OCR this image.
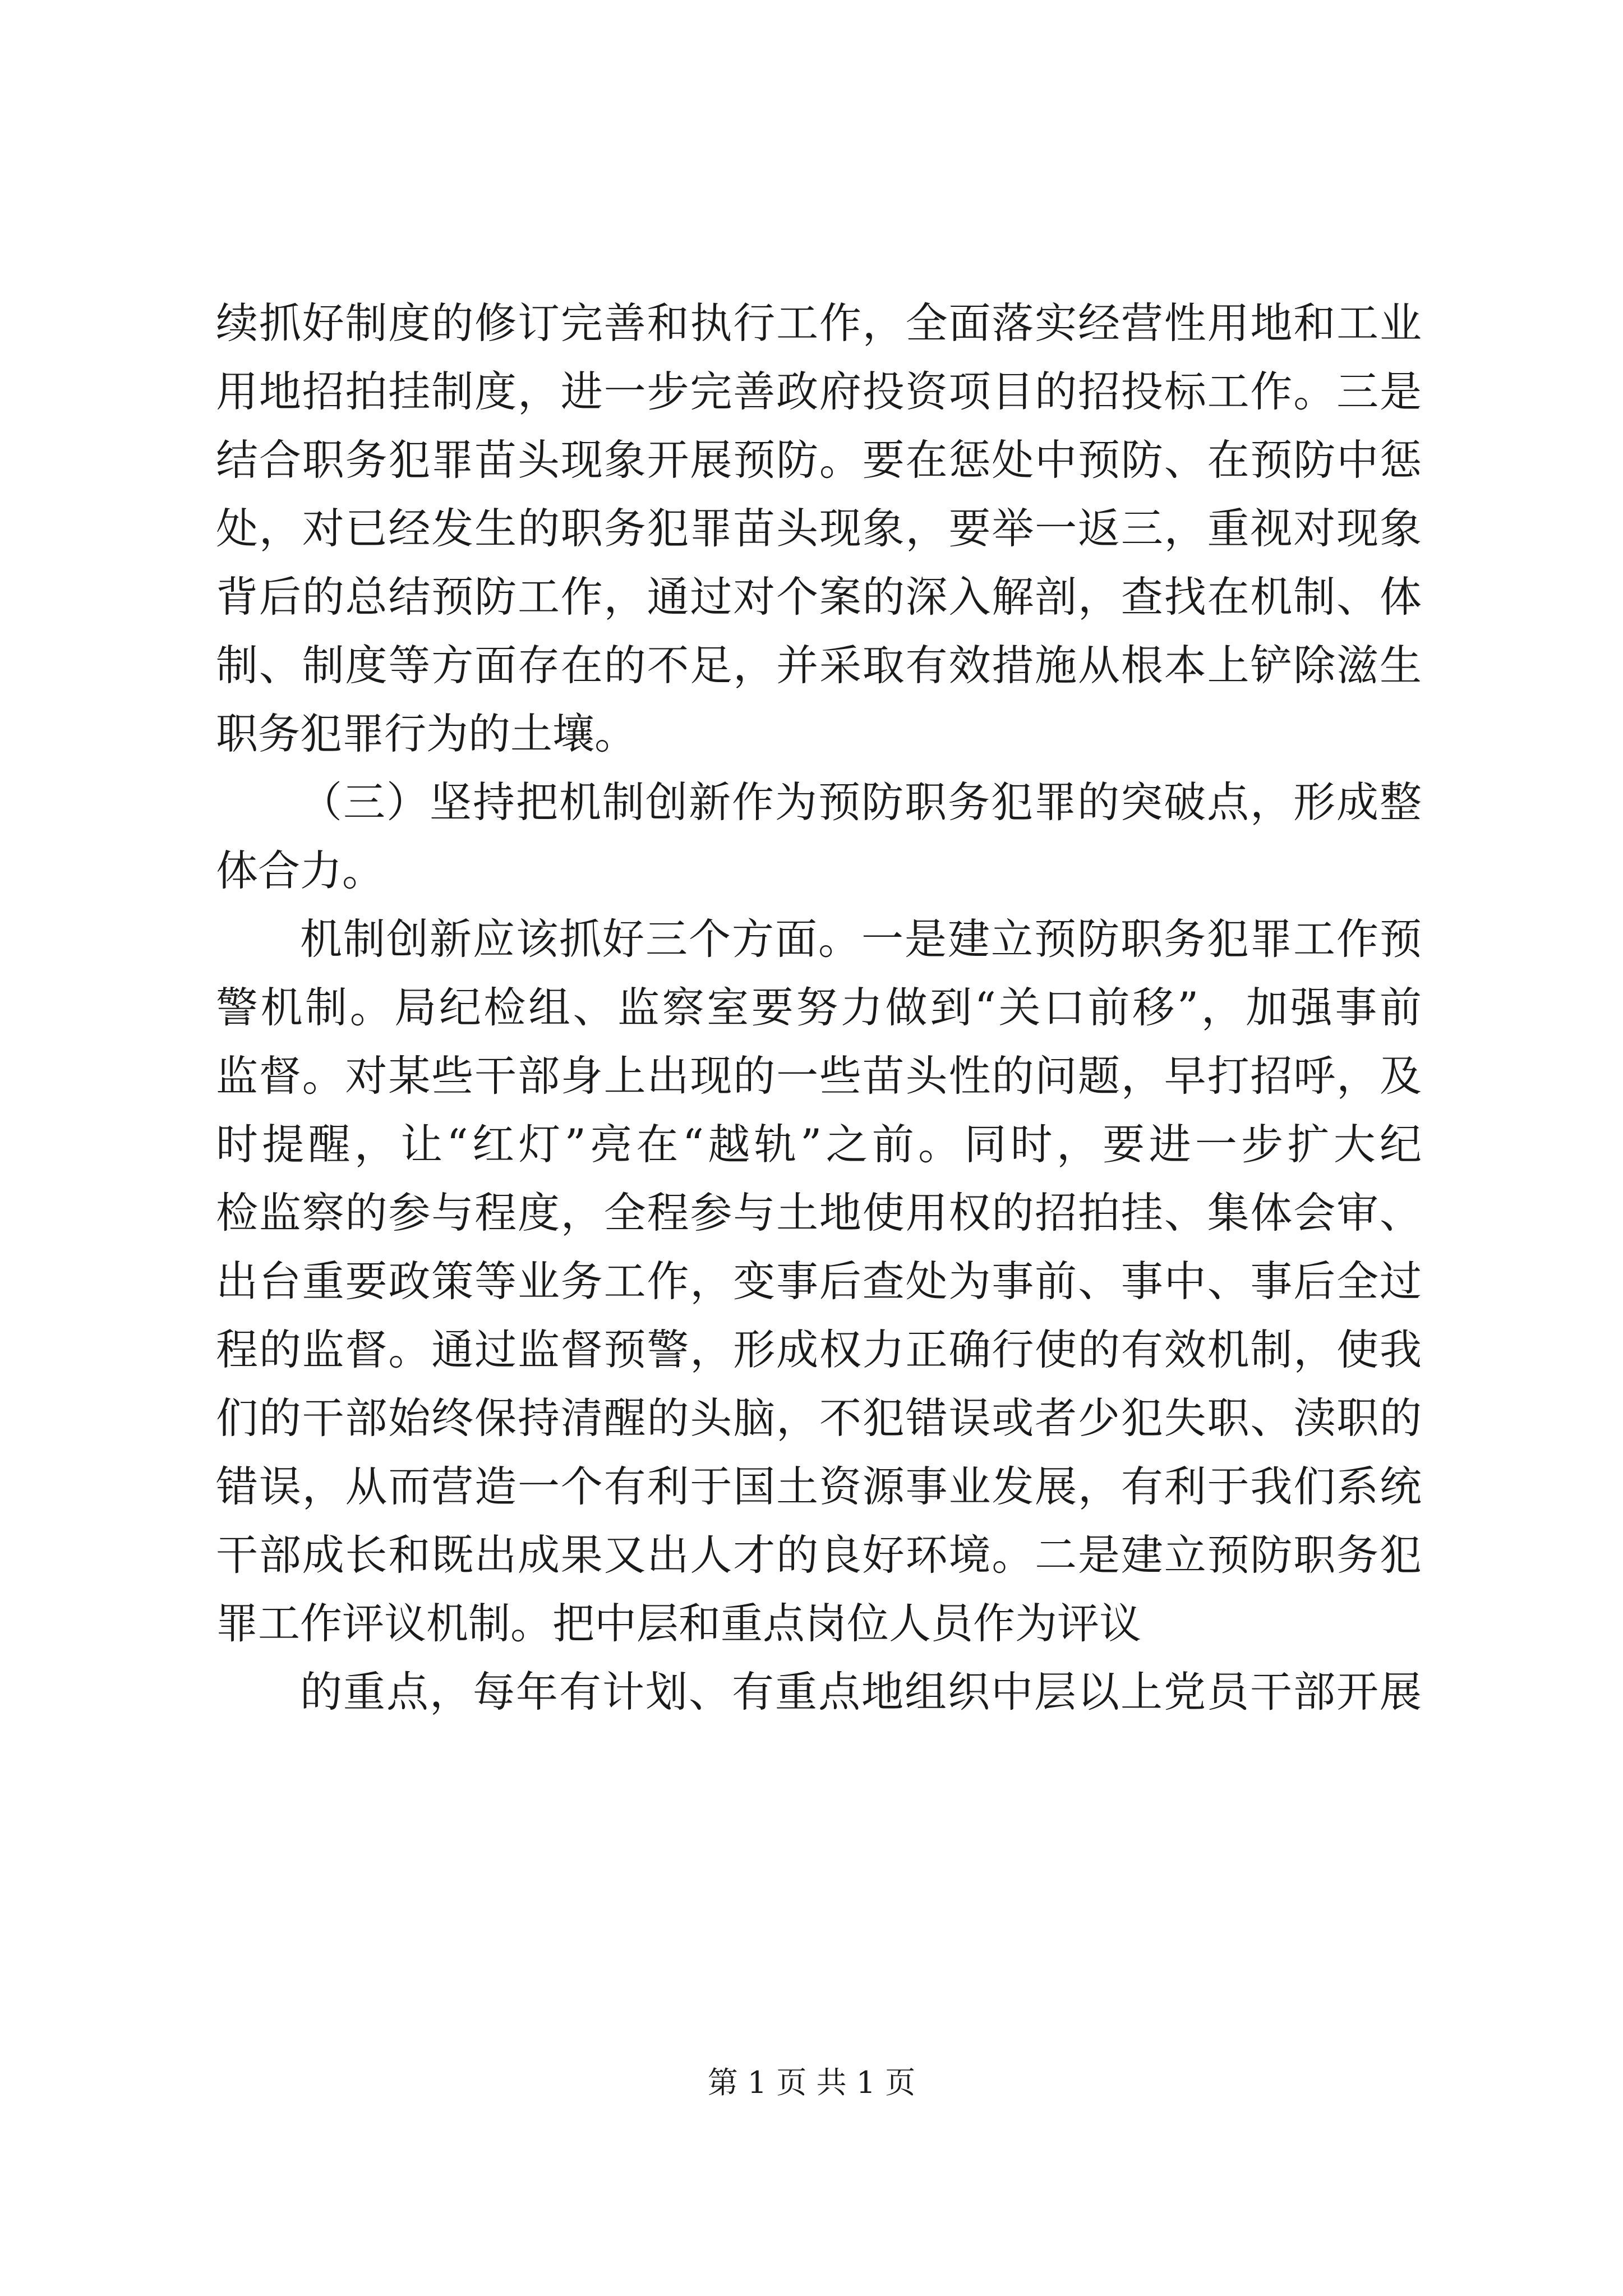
续抓好制度的修订完善和执行工作，全面落实经营性用地和工业
用地招拍挂制度，进一步完善政府投资项目的招投标工作。三是
结合职务犯罪苗头现象开展预防。要在惩处中预防、在预防中惩
处，对已经发生的职务犯罪苗头现象，要举一返三，重视对现象
背后的总结预防工作，通过对个案的深入解剖，查找在机制、体
制、制度等方面存在的不足，并采取有效措施从根本上铲除滋生
职务犯罪行为的土壤。
（三）坚持把机制创新作为预防职务犯罪的突破点，形成整
体合力。
机制创新应该抓好三个方面。一是建立预防职务犯罪工作预
警机制。局纪检组、监察室要努力做到“关口前移”，加强事前
监督。对某些干部身上出现的一些苗头性的问题，早打招呼，及
时提醒，让“红灯”亮在“越轨”之前。同时，要进一步扩大纪
检监察的参与程度，全程参与土地使用权的招拍挂、集体会审、
出台重要政策等业务工作，变事后查处为事前、事中、事后全过
程的监督。通过监督预警，形成权力正确行使的有效机制，使我
们的干部始终保持清醒的头脑，不犯错误或者少犯失职、渎职的
错误，从而营造一个有利于国土资源事业发展，有利于我们系统
干部成长和既出成果又出人才的良好环境。二是建立预防职务犯
罪工作评议机制。把中层和重点岗位人员作为评议
的重点，每年有计划、有重点地组织中层以上党员干部开展
第 1 页 共 1 页
